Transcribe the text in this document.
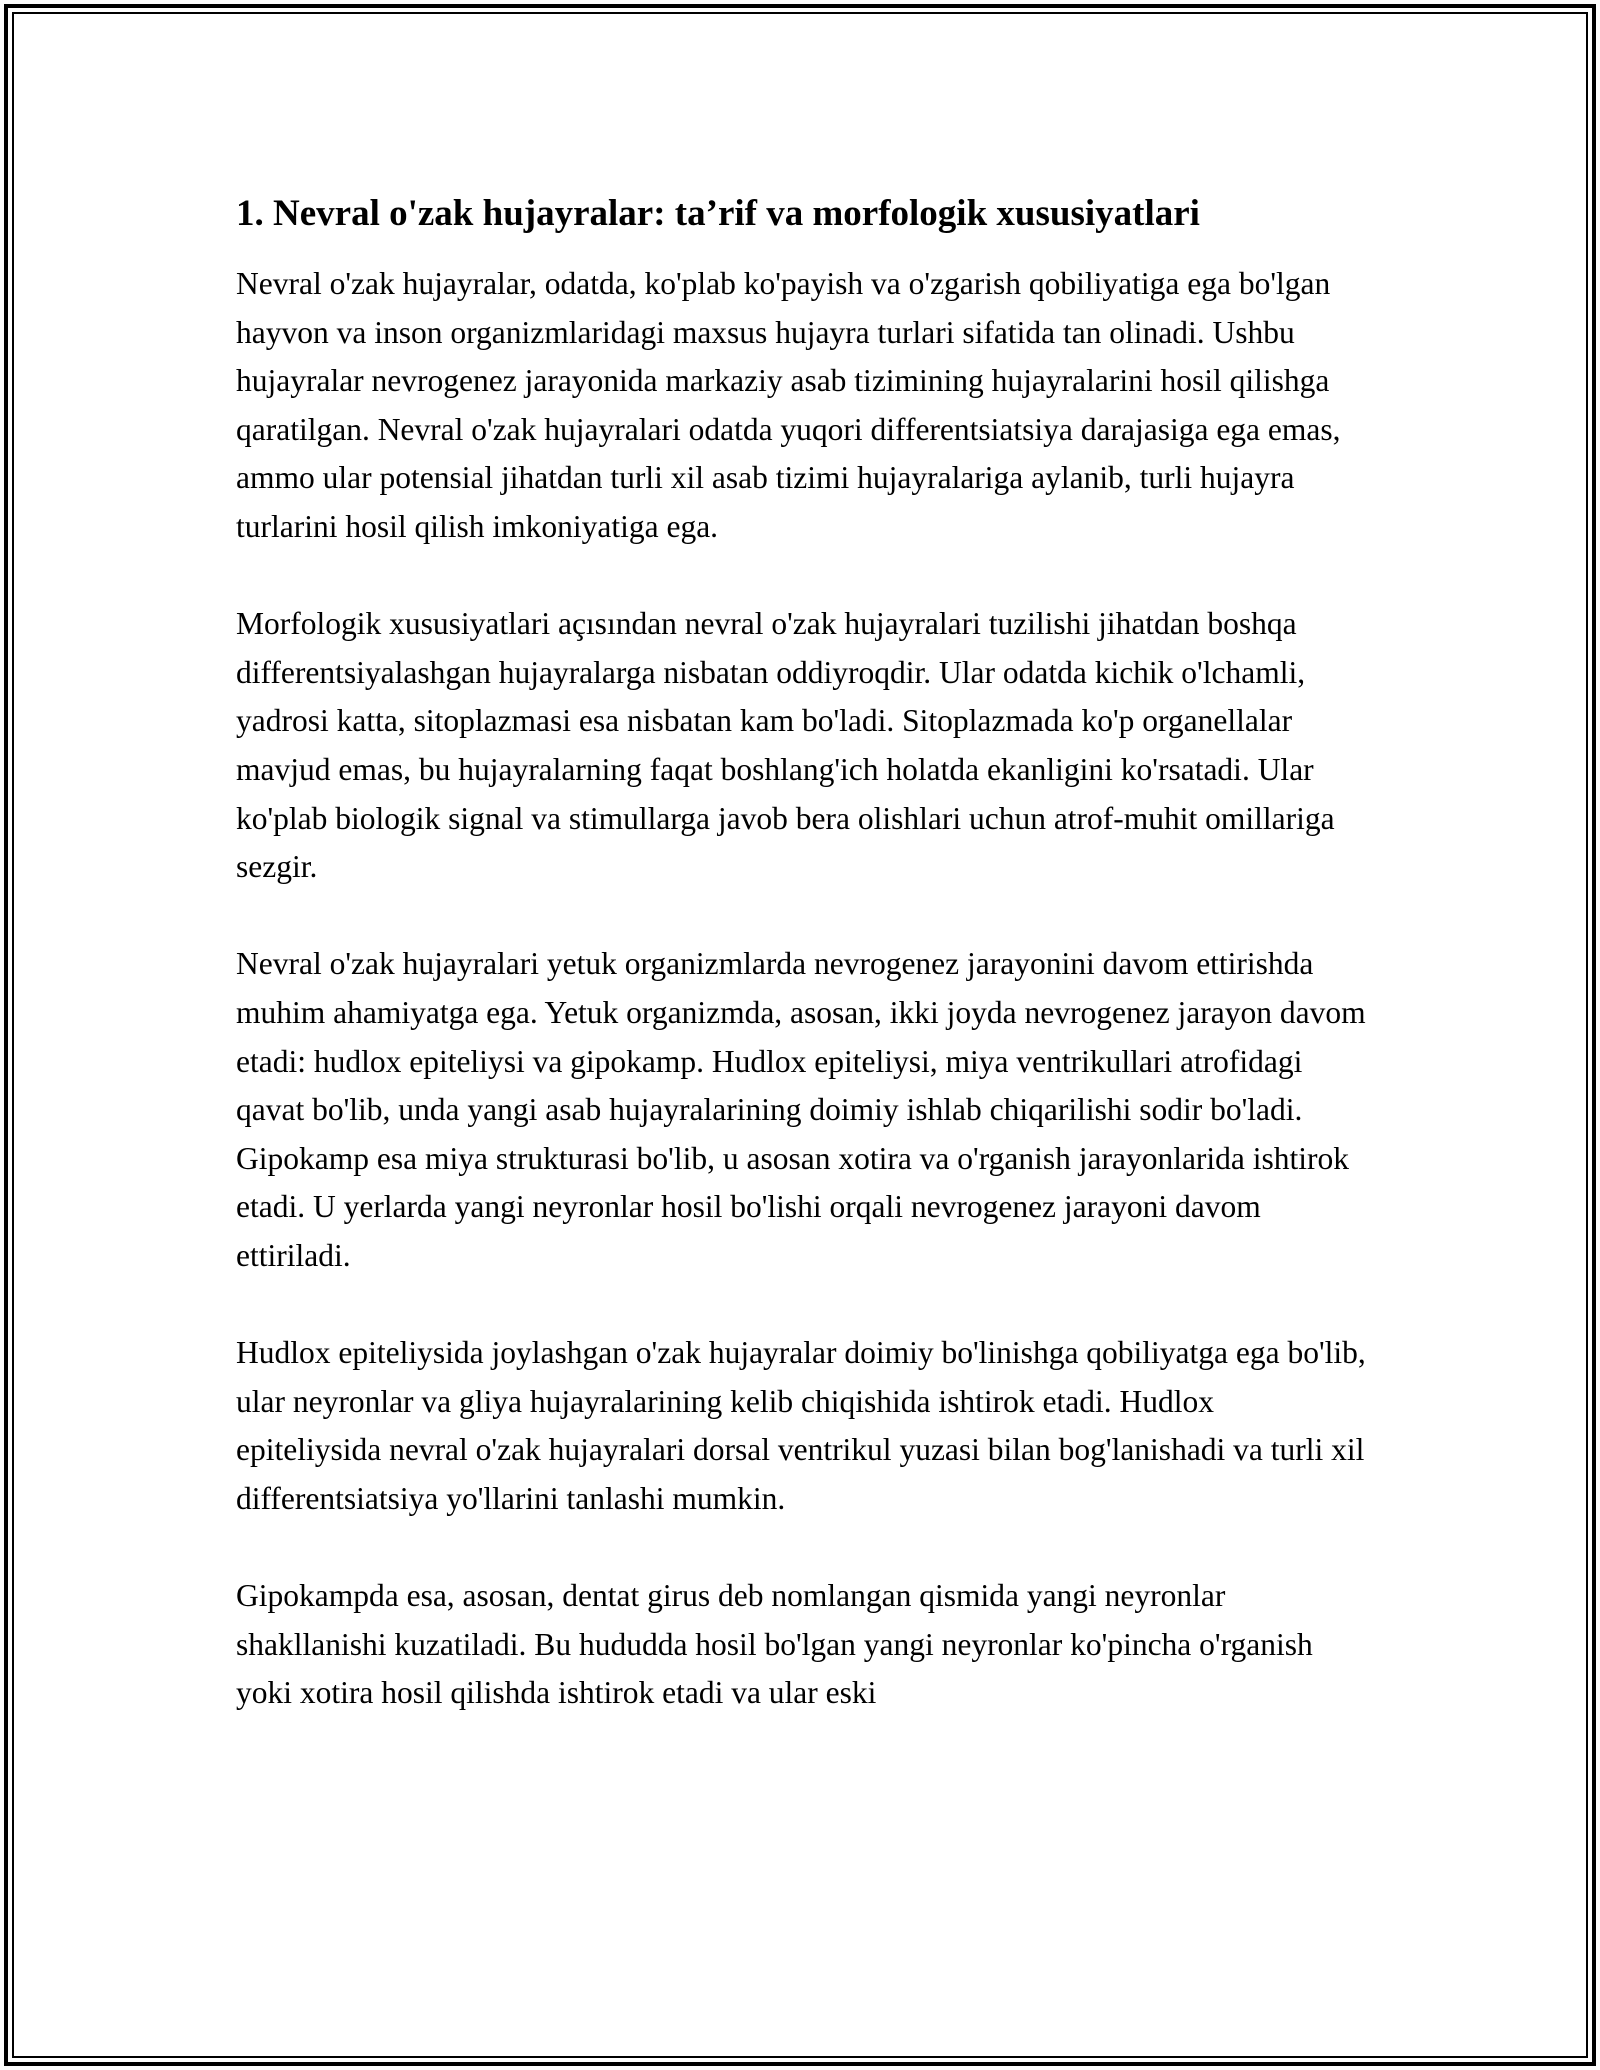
1. Nevral o'zak hujayralar: ta’rif va morfologik xususiyatlari

Nevral o'zak hujayralar, odatda, ko'plab ko'payish va o'zgarish qobiliyatiga ega bo'lgan hayvon va inson organizmlaridagi maxsus hujayra turlari sifatida tan olinadi. Ushbu hujayralar nevrogenez jarayonida markaziy asab tizimining hujayralarini hosil qilishga qaratilgan. Nevral o'zak hujayralari odatda yuqori differentsiatsiya darajasiga ega emas, ammo ular potensial jihatdan turli xil asab tizimi hujayralariga aylanib, turli hujayra turlarini hosil qilish imkoniyatiga ega.

Morfologik xususiyatlari açısından nevral o'zak hujayralari tuzilishi jihatdan boshqa differentsiyalashgan hujayralarga nisbatan oddiyroqdir. Ular odatda kichik o'lchamli, yadrosi katta, sitoplazmasi esa nisbatan kam bo'ladi. Sitoplazmada ko'p organellalar mavjud emas, bu hujayralarning faqat boshlang'ich holatda ekanligini ko'rsatadi. Ular ko'plab biologik signal va stimullarga javob bera olishlari uchun atrof-muhit omillariga sezgir.

Nevral o'zak hujayralari yetuk organizmlarda nevrogenez jarayonini davom ettirishda muhim ahamiyatga ega. Yetuk organizmda, asosan, ikki joyda nevrogenez jarayon davom etadi: hudlox epiteliysi va gipokamp. Hudlox epiteliysi, miya ventrikullari atrofidagi qavat bo'lib, unda yangi asab hujayralarining doimiy ishlab chiqarilishi sodir bo'ladi. Gipokamp esa miya strukturasi bo'lib, u asosan xotira va o'rganish jarayonlarida ishtirok etadi. U yerlarda yangi neyronlar hosil bo'lishi orqali nevrogenez jarayoni davom ettiriladi.

Hudlox epiteliysida joylashgan o'zak hujayralar doimiy bo'linishga qobiliyatga ega bo'lib, ular neyronlar va gliya hujayralarining kelib chiqishida ishtirok etadi. Hudlox epiteliysida nevral o'zak hujayralari dorsal ventrikul yuzasi bilan bog'lanishadi va turli xil differentsiatsiya yo'llarini tanlashi mumkin.

Gipokampda esa, asosan, dentat girus deb nomlangan qismida yangi neyronlar shakllanishi kuzatiladi. Bu hududda hosil bo'lgan yangi neyronlar ko'pincha o'rganish yoki xotira hosil qilishda ishtirok etadi va ular eski
